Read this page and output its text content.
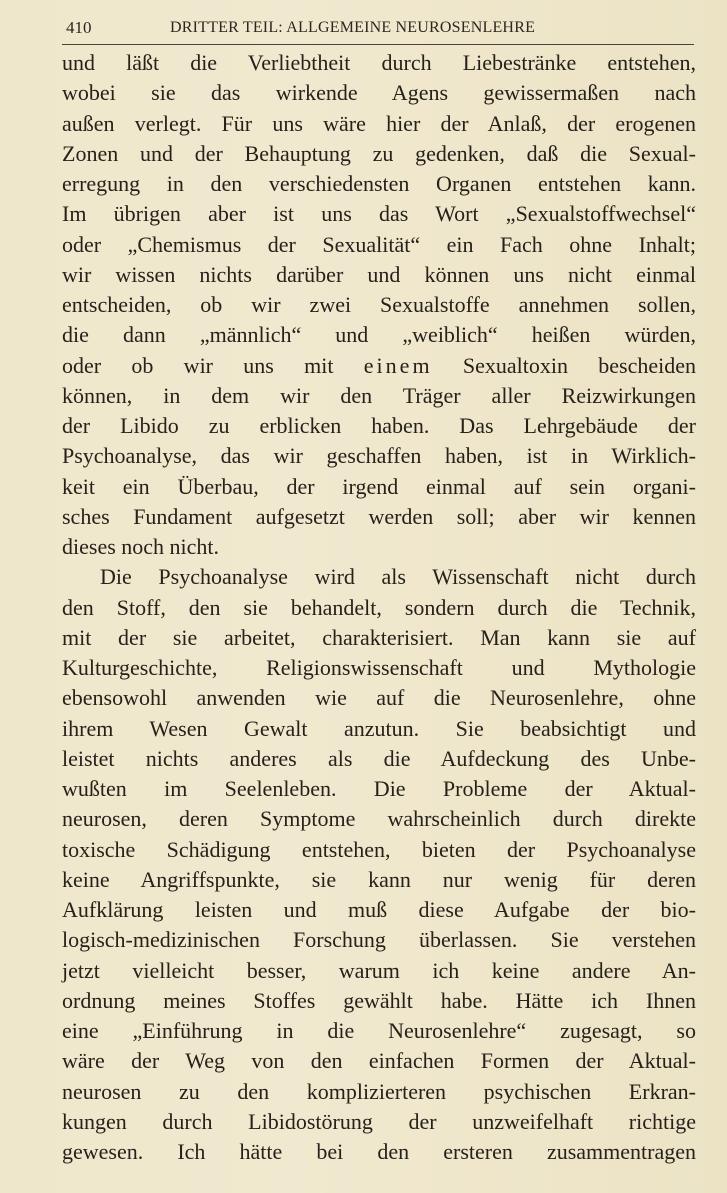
410	DRITTER TEIL: ALLGEMEINE NEUROSENLEHRE
und läßt die Verliebtheit durch Liebestränke entstehen,
wobei sie das wirkende Agens gewissermaßen nach
außen verlegt. Für uns wäre hier der Anlaß, der erogenen
Zonen und der Behauptung zu gedenken, daß die Sexual-
erregung in den verschiedensten Organen entstehen kann.
Im übrigen aber ist uns das Wort „Sexualstoffwechsel“
oder „Chemismus der Sexualität“ ein Fach ohne Inhalt;
wir wissen nichts darüber und können uns nicht einmal
entscheiden, ob wir zwei Sexualstoffe annehmen sollen,
die dann „männlich“ und „weiblich“ heißen würden,
oder ob wir uns mit einem Sexualtoxin bescheiden
können, in dem wir den Träger aller Reizwirkungen
der Libido zu erblicken haben. Das Lehrgebäude der
Psychoanalyse, das wir geschaffen haben, ist in Wirklich-
keit ein Überbau, der irgend einmal auf sein organi-
sches Fundament aufgesetzt werden soll; aber wir kennen
dieses noch nicht.
Die Psychoanalyse wird als Wissenschaft nicht durch
den Stoff, den sie behandelt, sondern durch die Technik,
mit der sie arbeitet, charakterisiert. Man kann sie auf
Kulturgeschichte, Religionswissenschaft und Mythologie
ebensowohl anwenden wie auf die Neurosenlehre, ohne
ihrem Wesen Gewalt anzutun. Sie beabsichtigt und
leistet nichts anderes als die Aufdeckung des Unbe-
wußten im Seelenleben. Die Probleme der Aktual-
neurosen, deren Symptome wahrscheinlich durch direkte
toxische Schädigung entstehen, bieten der Psychoanalyse
keine Angriffspunkte, sie kann nur wenig für deren
Aufklärung leisten und muß diese Aufgabe der bio-
logisch-medizinischen Forschung überlassen. Sie verstehen
jetzt vielleicht besser, warum ich keine andere An-
ordnung meines Stoffes gewählt habe. Hätte ich Ihnen
eine „Einführung in die Neurosenlehre“ zugesagt, so
wäre der Weg von den einfachen Formen der Aktual-
neurosen zu den komplizierteren psychischen Erkran-
kungen durch Libidostörung der unzweifelhaft richtige
gewesen. Ich hätte bei den ersteren zusammentragen
